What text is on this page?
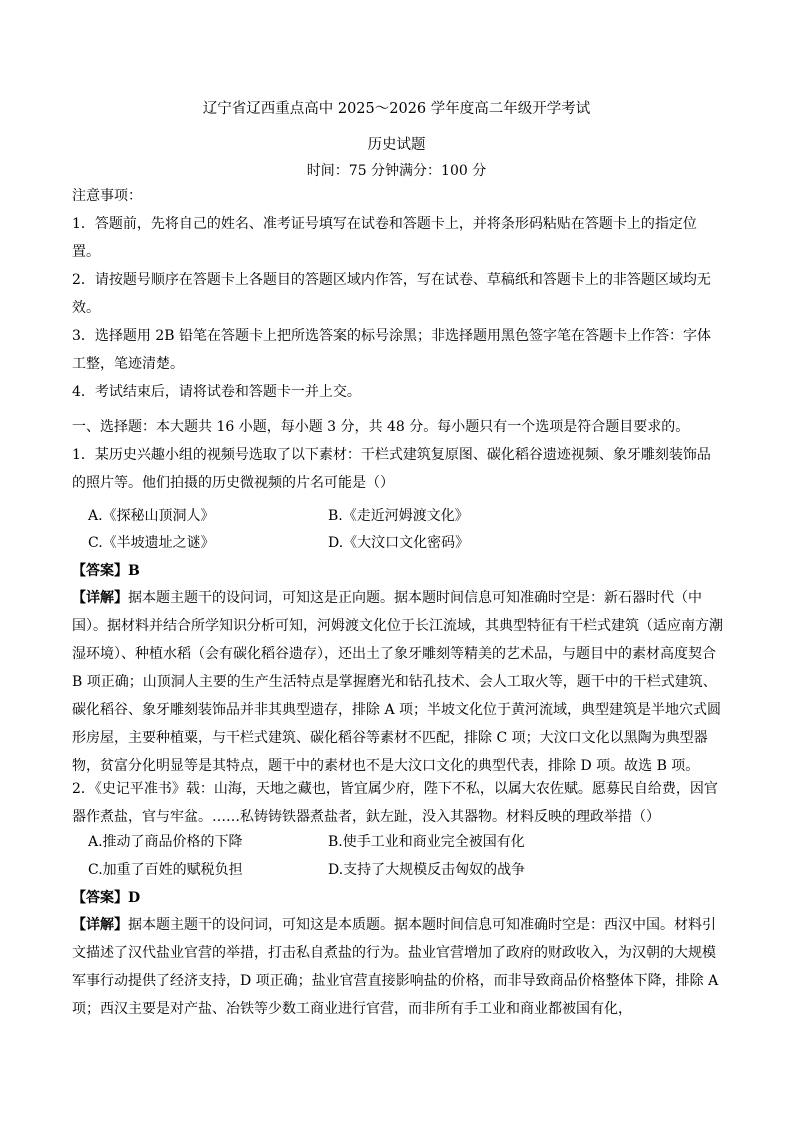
辽宁省辽西重点高中 2025～2026 学年度高二年级开学考试
历史试题
时间：75 分钟满分：100 分

注意事项：

1．答题前，先将自己的姓名、准考证号填写在试卷和答题卡上，并将条形码粘贴在答题卡上的指定位置。

2．请按题号顺序在答题卡上各题目的答题区域内作答，写在试卷、草稿纸和答题卡上的非答题区域均无效。

3．选择题用 2B 铅笔在答题卡上把所选答案的标号涂黑；非选择题用黑色签字笔在答题卡上作答：字体工整，笔迹清楚。

4．考试结束后，请将试卷和答题卡一并上交。

一、选择题：本大题共 16 小题，每小题 3 分，共 48 分。每小题只有一个选项是符合题目要求的。
1．某历史兴趣小组的视频号选取了以下素材：干栏式建筑复原图、碳化稻谷遗迹视频、象牙雕刻装饰品的照片等。他们拍摄的历史微视频的片名可能是（）
A.《探秘山顶洞人》	B.《走近河姆渡文化》
C.《半坡遗址之谜》	D.《大汶口文化密码》
【答案】B
【详解】据本题主题干的设问词，可知这是正向题。据本题时间信息可知准确时空是：新石器时代（中国）。据材料并结合所学知识分析可知，河姆渡文化位于长江流域，其典型特征有干栏式建筑（适应南方潮湿环境）、种植水稻（会有碳化稻谷遗存），还出土了象牙雕刻等精美的艺术品，与题目中的素材高度契合 B 项正确；山顶洞人主要的生产生活特点是掌握磨光和钻孔技术、会人工取火等，题干中的干栏式建筑、碳化稻谷、象牙雕刻装饰品并非其典型遗存，排除 A 项；半坡文化位于黄河流域，典型建筑是半地穴式圆形房屋，主要种植粟，与干栏式建筑、碳化稻谷等素材不匹配，排除 C 项；大汶口文化以黑陶为典型器物，贫富分化明显等是其特点，题干中的素材也不是大汶口文化的典型代表，排除 D 项。故选 B 项。
2．《史记平准书》载：山海，天地之藏也，皆宜属少府，陛下不私，以属大农佐赋。愿募民自给费，因官器作煮盐，官与牢盆。……私铸铸铁器煮盐者，釱左趾，没入其器物。材料反映的理政举措（）
A.推动了商品价格的下降	B.使手工业和商业完全被国有化
C.加重了百姓的赋税负担	D.支持了大规模反击匈奴的战争
【答案】D
【详解】据本题主题干的设问词，可知这是本质题。据本题时间信息可知准确时空是：西汉中国。材料引文描述了汉代盐业官营的举措，打击私自煮盐的行为。盐业官营增加了政府的财政收入，为汉朝的大规模军事行动提供了经济支持，D 项正确；盐业官营直接影响盐的价格，而非导致商品价格整体下降，排除 A 项；西汉主要是对产盐、冶铁等少数工商业进行官营，而非所有手工业和商业都被国有化，
